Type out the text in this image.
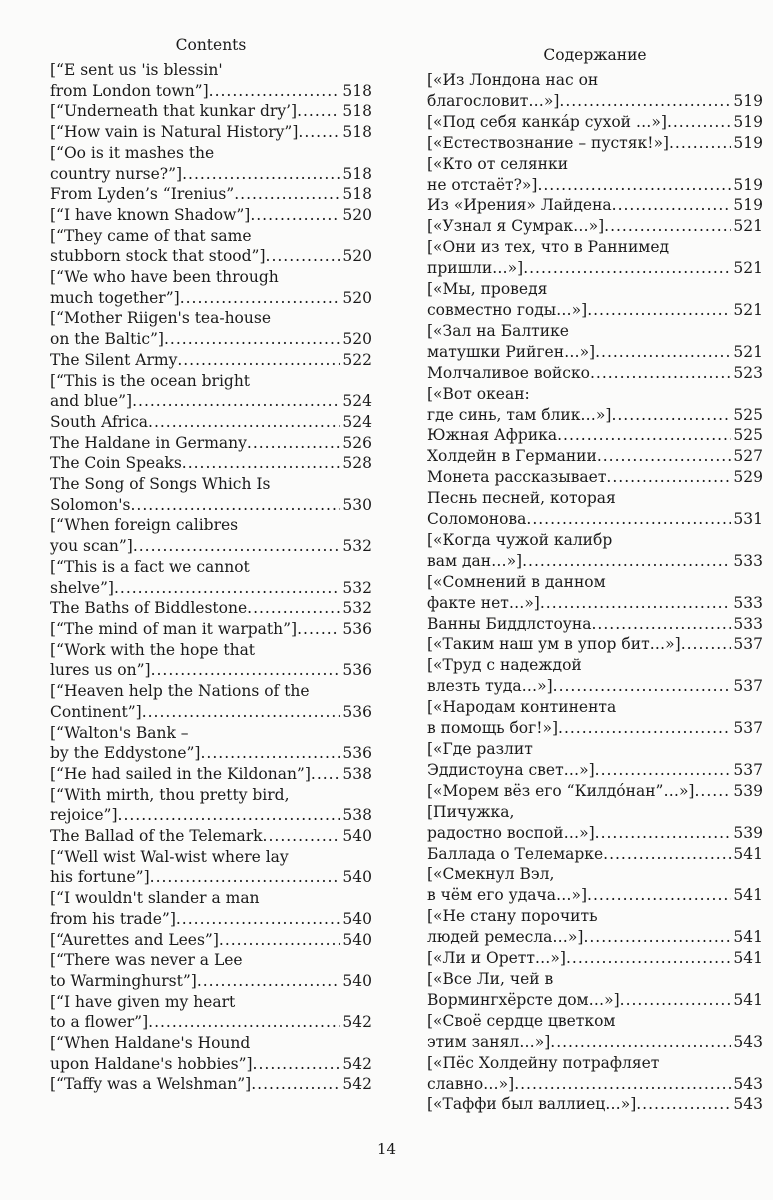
Contents
[“E sent us 'is blessin'
from London town”] .....	518
[“Underneath that kunkar dry’] .....	518
[“How vain is Natural History”] .....	518
[“Oo is it mashes the
country nurse?”] .....	518
From Lyden’s “Irenius” .....	518
[“I have known Shadow”] .....	520
[“They came of that same
stubborn stock that stood”] .....	520
[“We who have been through
much together”] .....	520
[“Mother Riigen's tea-house
on the Baltic”] .....	520
The Silent Army .....	522
[“This is the ocean bright
and blue”] .....	524
South Africa .....	524
The Haldane in Germany .....	526
The Coin Speaks .....	528
The Song of Songs Which Is
Solomon's .....	530
[“When foreign calibres
you scan”] .....	532
[“This is a fact we cannot
shelve”] .....	532
The Baths of Biddlestone .....	532
[“The mind of man it warpath”] .....	536
[“Work with the hope that
lures us on”] .....	536
[“Heaven help the Nations of the
Continent”] .....	536
[“Walton's Bank –
by the Eddystone”] .....	536
[“He had sailed in the Kildonan”] ..... 538
[“With mirth, thou pretty bird,
rejoice”] .....	538
The Ballad of the Telemark .....	540
[“Well wist Wal-wist where lay
his fortune”] .....	540
[“I wouldn't slander a man
from his trade”] .....	540
[“Aurettes and Lees”] .....	540
[“There was never a Lee
to Warminghurst”] .....	540
[“I have given my heart
to a flower”] .....	542
[“When Haldane's Hound
upon Haldane's hobbies”] .....	542
[“Taffy was a Welshman”] .....	542
Содержание
[«Из Лондона нас он
благословит…»] .....	519
[«Под себя канка́р сухой …»] .....	519
[«Естествознание – пустяк!»] .....	519
[«Кто от селянки
не отстаёт?»] .....	519
Из «Ирения» Лайдена .....	519
[«Узнал я Сумрак…»] .....	521
[«Они из тех, что в Раннимед
пришли…»] .....	521
[«Мы, проведя
совместно годы…»] .....	521
[«Зал на Балтике
матушки Рийген…»] .....	521
Молчаливое войско .....	523
[«Вот океан:
где синь, там блик…»] .....	525
Южная Африка .....	525
Холдейн в Германии .....	527
Монета рассказывает .....	529
Песнь песней, которая
Соломонова .....	531
[«Когда чужой калибр
вам дан…»] .....	533
[«Сомнений в данном
факте нет…»] .....	533
Ванны Биддлстоуна .....	533
[«Таким наш ум в упор бит…»] .....	537
[«Труд с надеждой
влезть туда…»] .....	537
[«Народам континента
в помощь бог!»] .....	537
[«Где разлит
Эддистоуна свет…»] .....	537
[«Морем вёз его “Килдо́нан”…»] .....	539
[Пичужка,
радостно воспой…»] .....	539
Баллада о Телемарке .....	541
[«Смекнул Вэл,
в чём его удача…»] .....	541
[«Не стану порочить
людей ремесла…»] .....	541
[«Ли и Оретт…»] .....	541
[«Все Ли, чей в
Вормингхёрсте дом…»] .....	541
[«Своё сердце цветком
этим занял…»] .....	543
[«Пёс Холдейну потрафляет
славно…»] .....	543
[«Таффи был валлиец…»] .....	543
14
